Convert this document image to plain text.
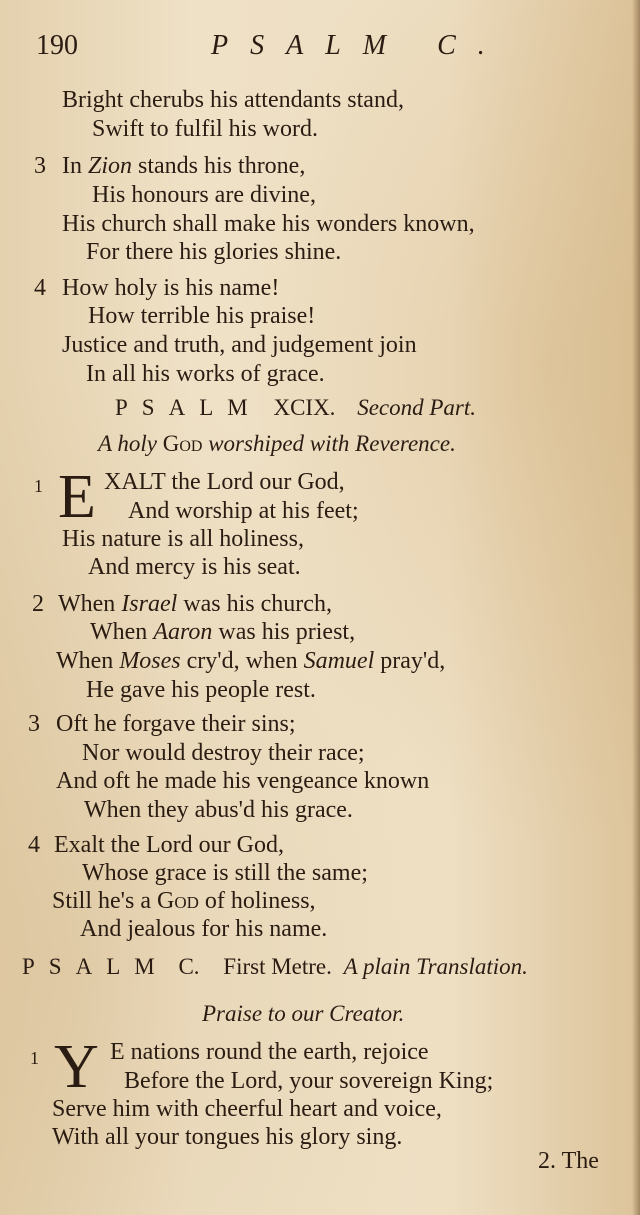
190	PSALM C.
Bright cherubs his attendants stand,
Swift to fulfil his word.
3 In Zion stands his throne,
His honours are divine,
His church shall make his wonders known,
For there his glories shine.
4 How holy is his name!
How terrible his praise!
Justice and truth, and judgement join
In all his works of grace.
PSALM XCIX. Second Part.
A holy God worshiped with Reverence.
1 E XALT the Lord our God,
And worship at his feet;
His nature is all holiness,
And mercy is his seat.
2 When Israel was his church,
When Aaron was his priest,
When Moses cry'd, when Samuel pray'd,
He gave his people rest.
3 Oft he forgave their sins;
Nor would destroy their race;
And oft he made his vengeance known
When they abus'd his grace.
4 Exalt the Lord our God,
Whose grace is still the same;
Still he's a God of holiness,
And jealous for his name.
PSALM C. First Metre. A plain Translation.
Praise to our Creator.
1 Y E nations round the earth, rejoice
Before the Lord, your sovereign King;
Serve him with cheerful heart and voice,
With all your tongues his glory sing.
2. The
